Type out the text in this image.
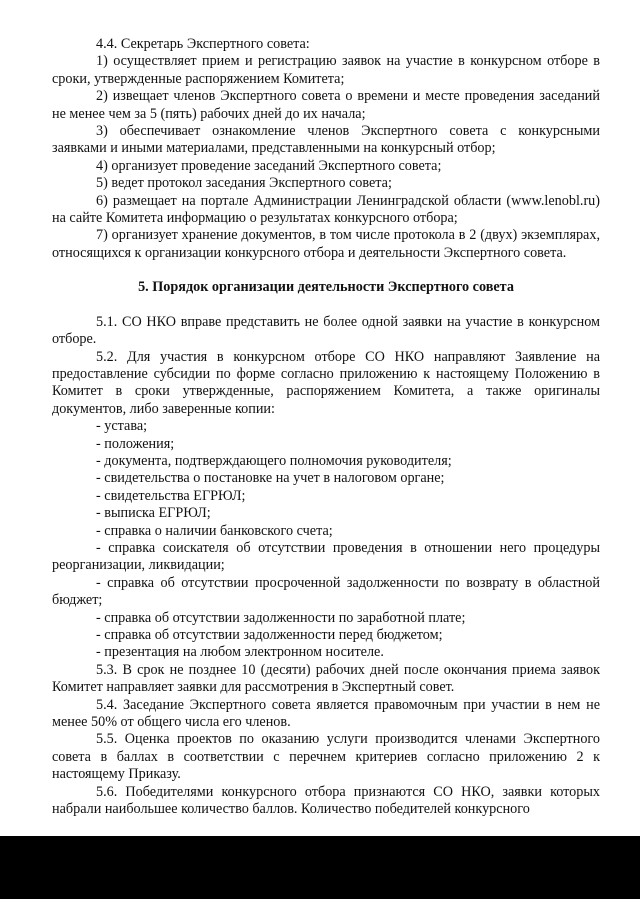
4.4. Секретарь Экспертного совета:

1) осуществляет прием и регистрацию заявок на участие в конкурсном отборе в сроки, утвержденные распоряжением Комитета;

2) извещает членов Экспертного совета о времени и месте проведения заседаний не менее чем за 5 (пять) рабочих дней до их начала;

3) обеспечивает ознакомление членов Экспертного совета с конкурсными заявками и иными материалами, представленными на конкурсный отбор;

4) организует проведение заседаний Экспертного совета;

5) ведет протокол заседания Экспертного совета;

6) размещает на портале Администрации Ленинградской области (www.lenobl.ru) на сайте Комитета информацию о результатах конкурсного отбора;

7) организует хранение документов, в том числе протокола в 2 (двух) экземплярах, относящихся к организации конкурсного отбора и деятельности Экспертного совета.

5. Порядок организации деятельности Экспертного совета

5.1. СО НКО вправе представить не более одной заявки на участие в конкурсном отборе.

5.2. Для участия в конкурсном отборе СО НКО направляют Заявление на предоставление субсидии по форме согласно приложению к настоящему Положению в Комитет в сроки утвержденные, распоряжением Комитета, а также оригиналы документов, либо заверенные копии:

- устава;

- положения;

- документа, подтверждающего полномочия руководителя;

- свидетельства о постановке на учет в налоговом органе;

- свидетельства ЕГРЮЛ;

- выписка ЕГРЮЛ;

- справка о наличии банковского счета;

- справка соискателя об отсутствии проведения в отношении него процедуры реорганизации, ликвидации;

- справка об отсутствии просроченной задолженности по возврату в областной бюджет;

- справка об отсутствии задолженности по заработной плате;

- справка об отсутствии задолженности перед бюджетом;

- презентация на любом электронном носителе.

5.3. В срок не позднее 10 (десяти) рабочих дней после окончания приема заявок Комитет направляет заявки для рассмотрения в Экспертный совет.

5.4. Заседание Экспертного совета является правомочным при участии в нем не менее 50% от общего числа его членов.

5.5. Оценка проектов по оказанию услуги производится членами Экспертного совета в баллах в соответствии с перечнем критериев согласно приложению 2 к настоящему Приказу.

5.6. Победителями конкурсного отбора признаются СО НКО, заявки которых набрали наибольшее количество баллов. Количество победителей конкурсного
